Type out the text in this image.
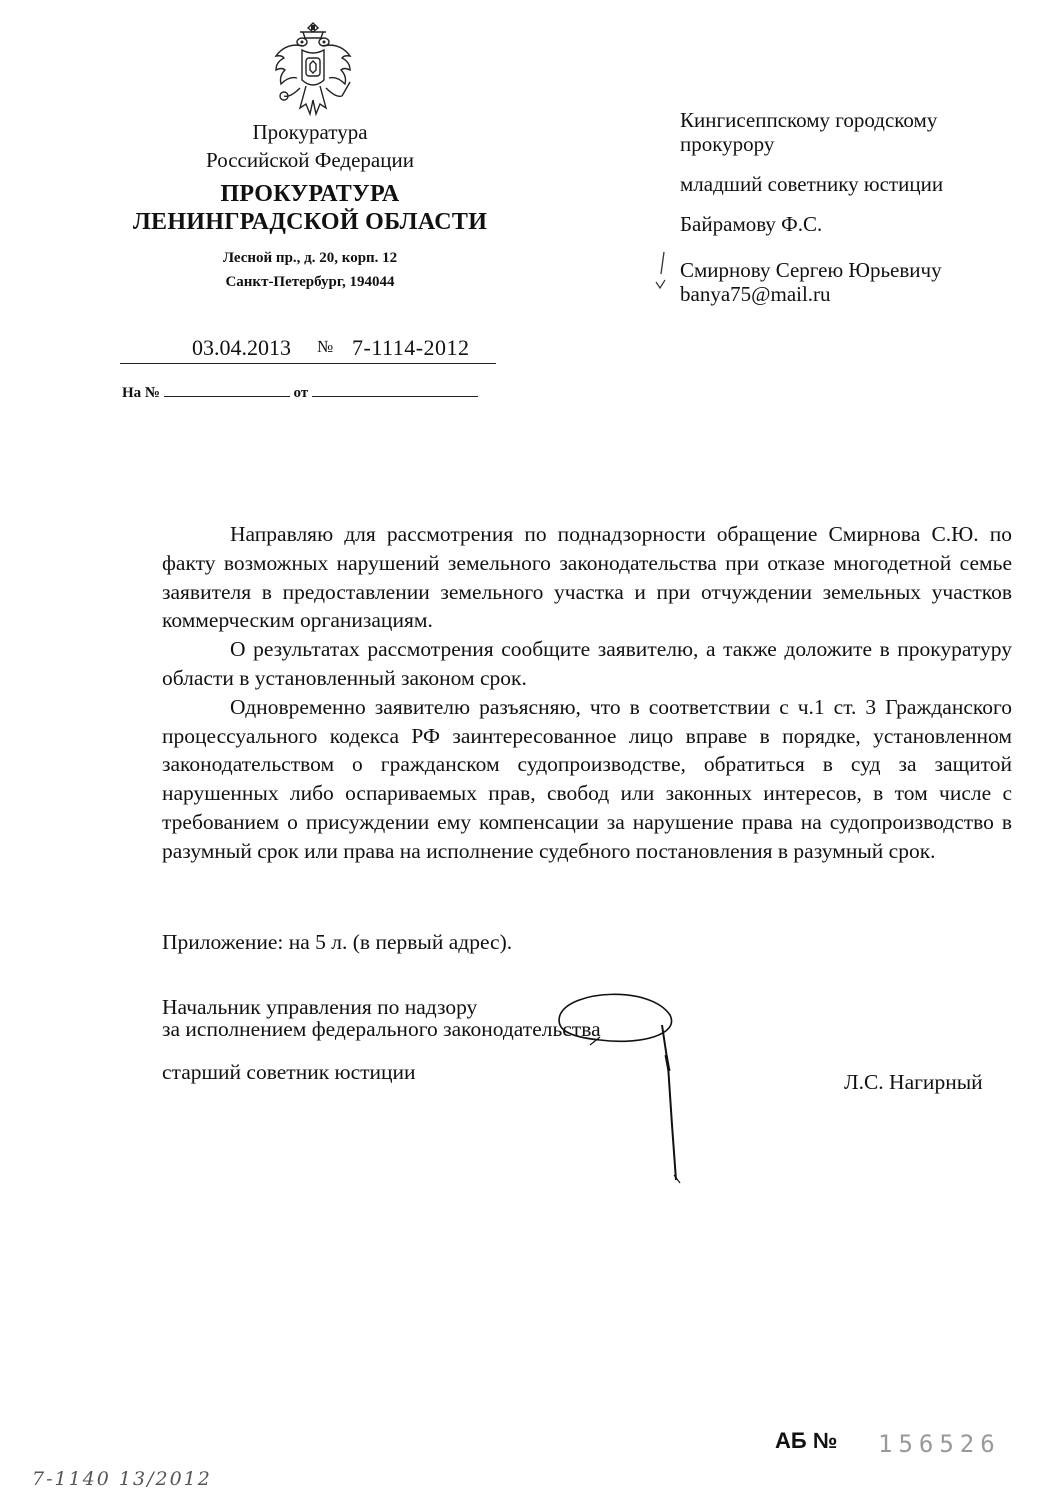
Прокуратура
Российской Федерации
ПРОКУРАТУРА
ЛЕНИНГРАДСКОЙ ОБЛАСТИ
Лесной пр., д. 20, корп. 12
Санкт-Петербург, 194044
03.04.2013 № 7-1114-2012
На №	от
Кингисеппскому городскому
прокурору
младший советнику юстиции
Байрамову Ф.С.
Смирнову Сергею Юрьевичу
banya75@mail.ru

Направляю для рассмотрения по поднадзорности обращение Смирнова С.Ю. по факту возможных нарушений земельного законодательства при отказе многодетной семье заявителя в предоставлении земельного участка и при отчуждении земельных участков коммерческим организациям.

О результатах рассмотрения сообщите заявителю, а также доложите в прокуратуру области в установленный законом срок.

Одновременно заявителю разъясняю, что в соответствии с ч.1 ст. 3 Гражданского процессуального кодекса РФ заинтересованное лицо вправе в порядке, установленном законодательством о гражданском судопроизводстве, обратиться в суд за защитой нарушенных либо оспариваемых прав, свобод или законных интересов, в том числе с требованием о присуждении ему компенсации за нарушение права на судопроизводство в разумный срок или права на исполнение судебного постановления в разумный срок.

Приложение: на 5 л. (в первый адрес).
Начальник управления по надзору
за исполнением федерального законодательства
старший советник юстиции	Л.С. Нагирный
АБ № 156526
7-1140 13/2012
